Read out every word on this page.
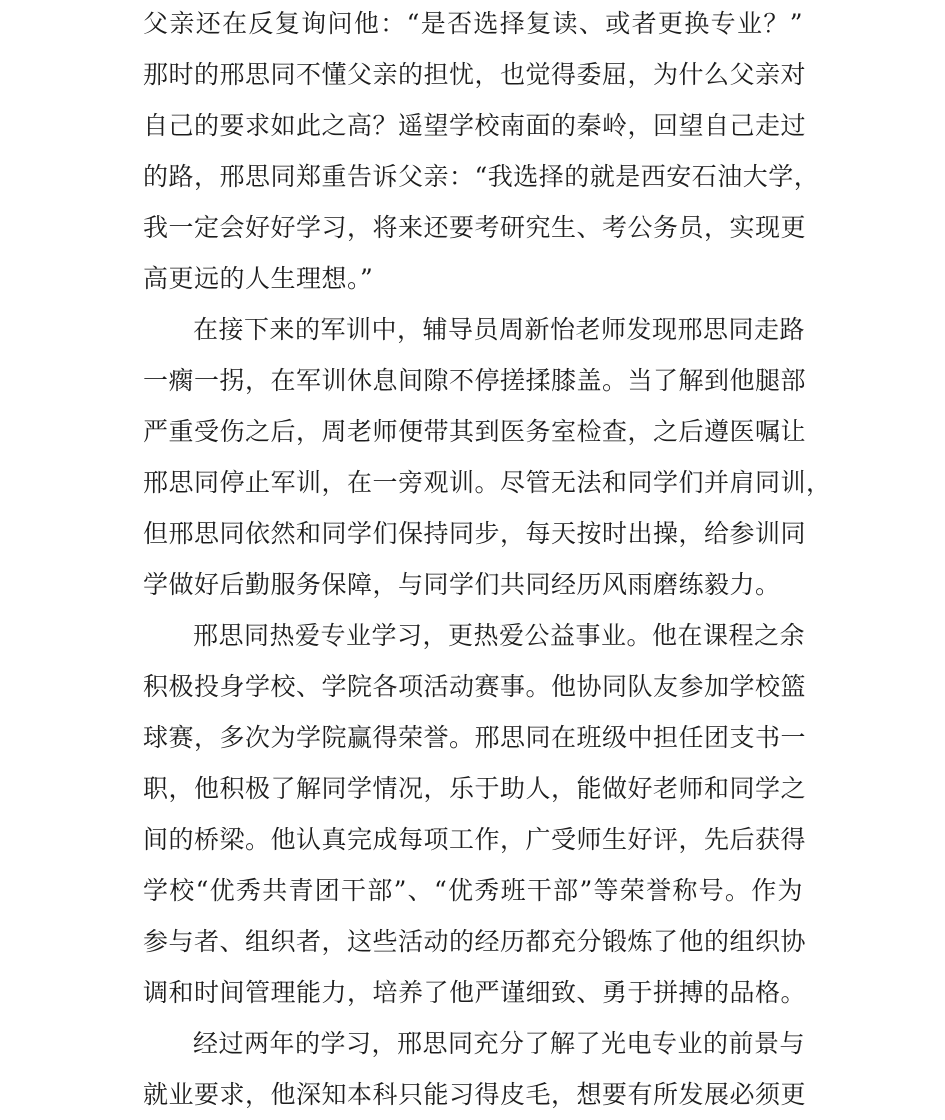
父亲还在反复询问他：“是否选择复读、或者更换专业？”
那时的邢思同不懂父亲的担忧，也觉得委屈，为什么父亲对
自己的要求如此之高？遥望学校南面的秦岭，回望自己走过
的路，邢思同郑重告诉父亲：“我选择的就是西安石油大学，
我一定会好好学习，将来还要考研究生、考公务员，实现更
高更远的人生理想。”
在接下来的军训中，辅导员周新怡老师发现邢思同走路
一瘸一拐，在军训休息间隙不停搓揉膝盖。当了解到他腿部
严重受伤之后，周老师便带其到医务室检查，之后遵医嘱让
邢思同停止军训，在一旁观训。尽管无法和同学们并肩同训，
但邢思同依然和同学们保持同步，每天按时出操，给参训同
学做好后勤服务保障，与同学们共同经历风雨磨练毅力。
邢思同热爱专业学习，更热爱公益事业。他在课程之余
积极投身学校、学院各项活动赛事。他协同队友参加学校篮
球赛，多次为学院赢得荣誉。邢思同在班级中担任团支书一
职，他积极了解同学情况，乐于助人，能做好老师和同学之
间的桥梁。他认真完成每项工作，广受师生好评，先后获得
学校“优秀共青团干部”、“优秀班干部”等荣誉称号。作为
参与者、组织者，这些活动的经历都充分锻炼了他的组织协
调和时间管理能力，培养了他严谨细致、勇于拼搏的品格。
经过两年的学习，邢思同充分了解了光电专业的前景与
就业要求，他深知本科只能习得皮毛，想要有所发展必须更
